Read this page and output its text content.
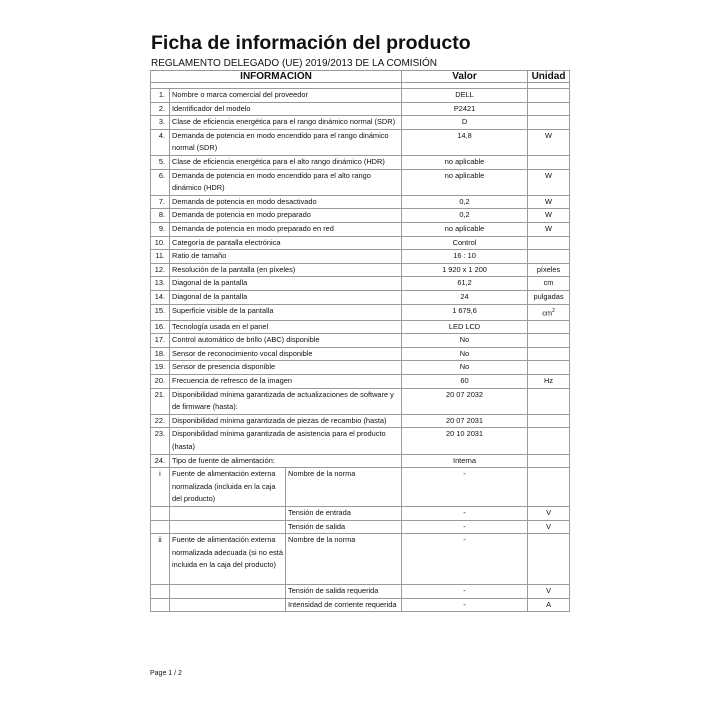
Ficha de información del producto
REGLAMENTO DELEGADO (UE) 2019/2013 DE LA COMISIÓN
INFORMACIÓN			Valor	Unidad

1.	Nombre o marca comercial del proveedor		DELL	
2.	Identificador del modelo		P2421	
3.	Clase de eficiencia energética para el rango dinámico normal (SDR)		D	
4.	Demanda de potencia en modo encendido para el rango dinámico normal (SDR)		14,8	W
5.	Clase de eficiencia energética para el alto rango dinámico (HDR)		no aplicable	
6.	Demanda de potencia en modo encendido para el alto rango dinámico (HDR)		no aplicable	W
7.	Demanda de potencia en modo desactivado		0,2	W
8.	Demanda de potencia en modo preparado		0,2	W
9.	Demanda de potencia en modo preparado en red		no aplicable	W
10.	Categoría de pantalla electrónica		Control	
11.	Ratio de tamaño		16 : 10	
12.	Resolución de la pantalla (en píxeles)		1 920 x 1 200	píxeles
13.	Diagonal de la pantalla		61,2	cm
14.	Diagonal de la pantalla		24	pulgadas
15.	Superficie visible de la pantalla		1 679,6	$cm^2$
16.	Tecnología usada en el panel		LED LCD	
17.	Control automático de brillo (ABC) disponible		No	
18.	Sensor de reconocimiento vocal disponible		No	
19.	Sensor de presencia disponible		No	
20.	Frecuencia de refresco de la imagen		60	Hz
21.	Disponibilidad mínima garantizada de actualizaciones de software y de firmware (hasta):		20 07 2032	
22.	Disponibilidad mínima garantizada de piezas de recambio (hasta)		20 07 2031	
23.	Disponibilidad mínima garantizada de asistencia para el producto (hasta)		20 10 2031	
24.	Tipo de fuente de alimentación:		Interna	
i	Fuente de alimentación externa normalizada (incluida en la caja del producto)	Nombre de la norma	-	
		Tensión de entrada	-	V
		Tensión de salida	-	V
ii	Fuente de alimentación externa normalizada adecuada (si no está incluida en la caja del producto)	Nombre de la norma	-	
		Tensión de salida requerida	-	V
		Intensidad de corriente requerida	-	A
Page 1 / 2
